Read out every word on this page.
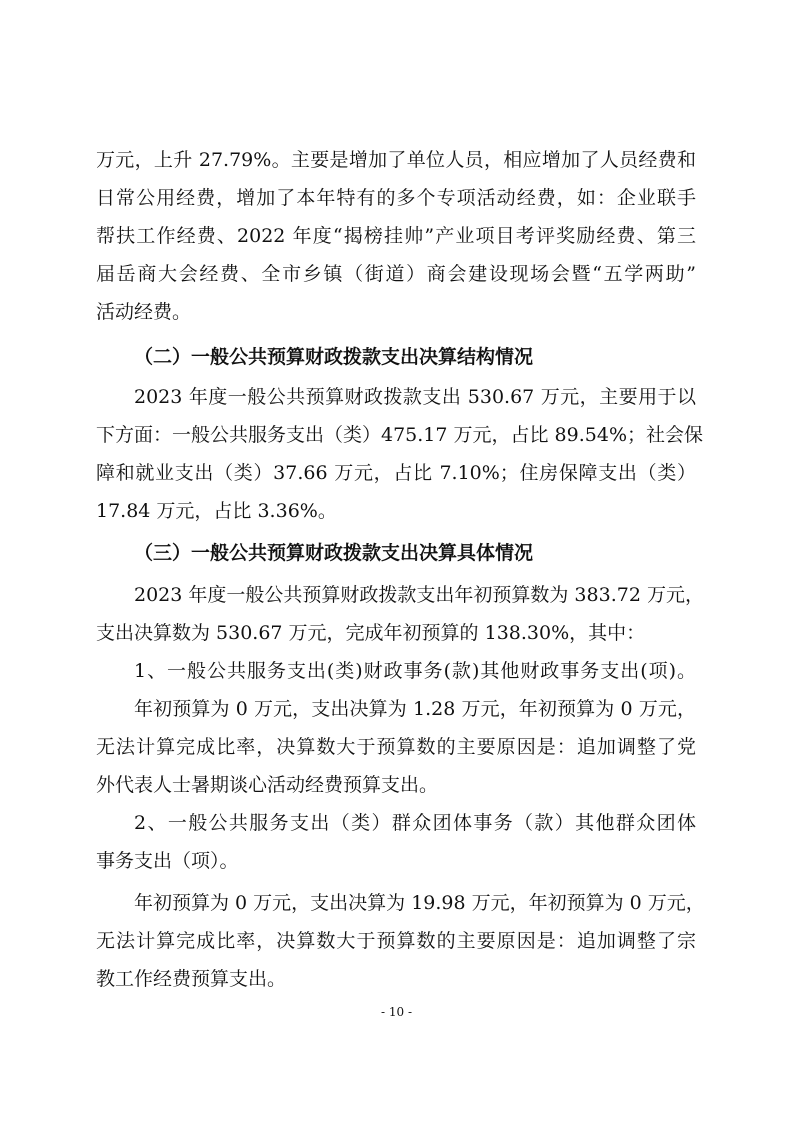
万元，上升 27.79%。主要是增加了单位人员，相应增加了人员经费和
日常公用经费，增加了本年特有的多个专项活动经费，如：企业联手
帮扶工作经费、2022 年度“揭榜挂帅”产业项目考评奖励经费、第三
届岳商大会经费、全市乡镇（街道）商会建设现场会暨“五学两助”
活动经费。
（二）一般公共预算财政拨款支出决算结构情况
2023 年度一般公共预算财政拨款支出 530.67 万元，主要用于以
下方面：一般公共服务支出（类）475.17 万元，占比 89.54%；社会保
障和就业支出（类）37.66 万元，占比 7.10%；住房保障支出（类）
17.84 万元，占比 3.36%。
（三）一般公共预算财政拨款支出决算具体情况
2023 年度一般公共预算财政拨款支出年初预算数为 383.72 万元，
支出决算数为 530.67 万元，完成年初预算的 138.30%，其中：
1、一般公共服务支出(类)财政事务(款)其他财政事务支出(项)。
年初预算为 0 万元，支出决算为 1.28 万元，年初预算为 0 万元，
无法计算完成比率，决算数大于预算数的主要原因是：追加调整了党
外代表人士暑期谈心活动经费预算支出。
2、一般公共服务支出（类）群众团体事务（款）其他群众团体
事务支出（项）。
年初预算为 0 万元，支出决算为 19.98 万元，年初预算为 0 万元，
无法计算完成比率，决算数大于预算数的主要原因是：追加调整了宗
教工作经费预算支出。
- 10 -
